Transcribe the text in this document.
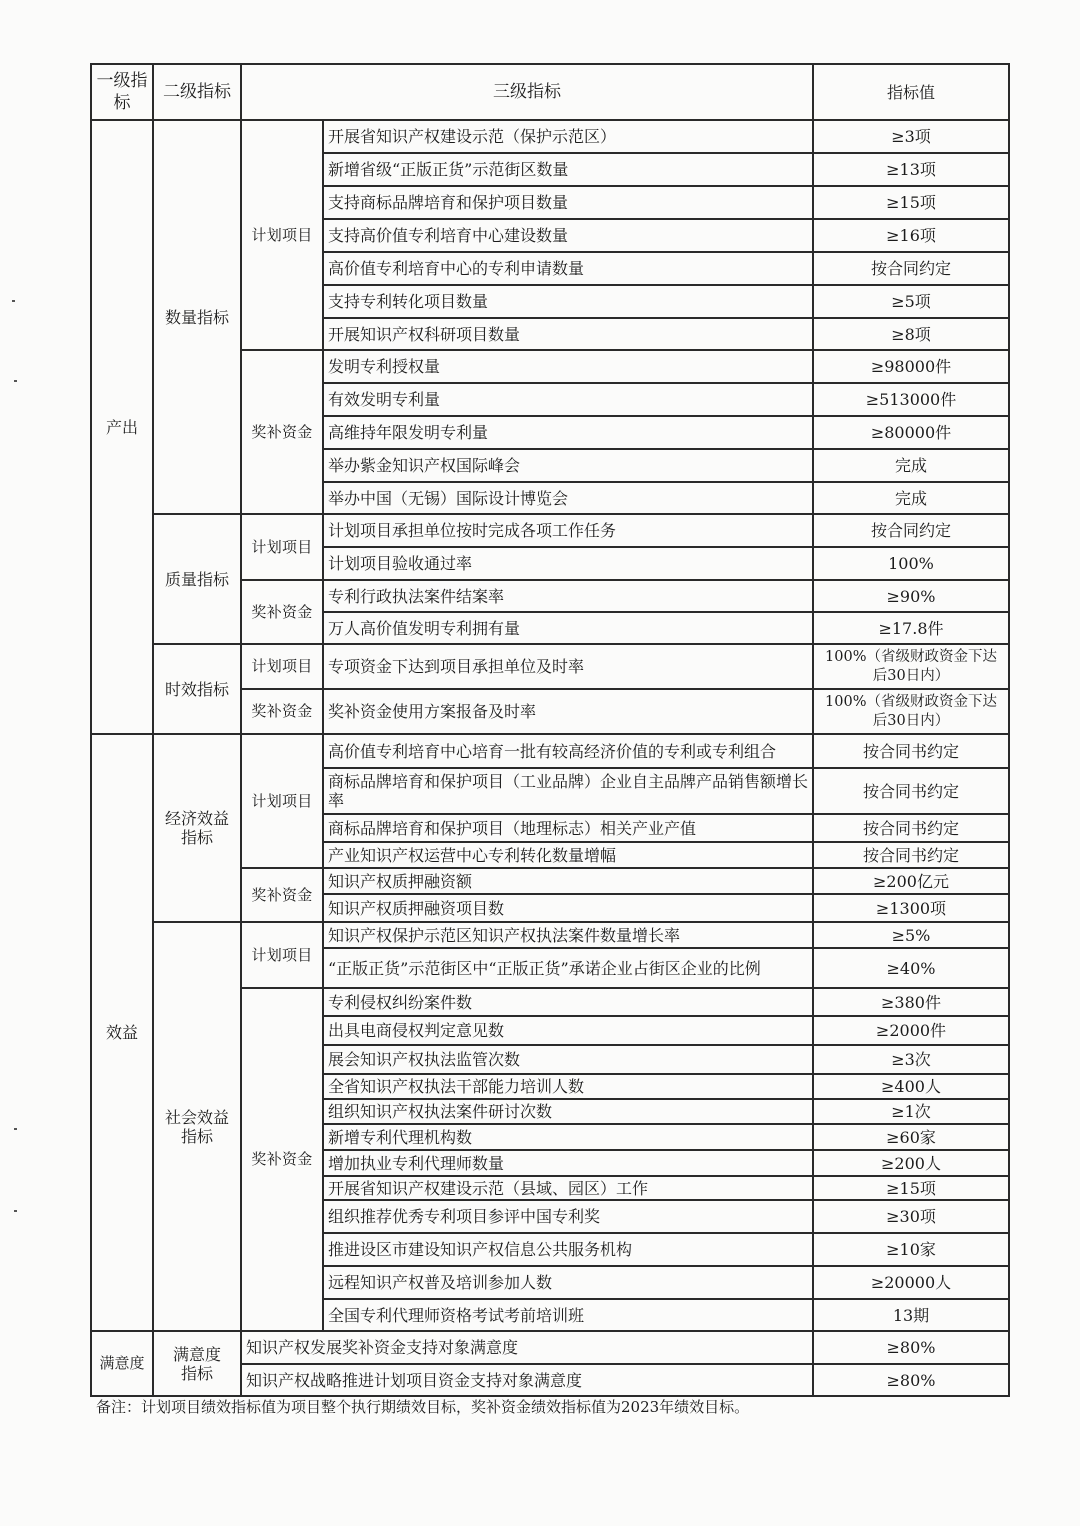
一级指标	二级指标	三级指标		指标值
产出	数量指标	计划项目	开展省知识产权建设示范（保护示范区）	≥3项
			新增省级“正版正货”示范街区数量	≥13项
			支持商标品牌培育和保护项目数量	≥15项
			支持高价值专利培育中心建设数量	≥16项
			高价值专利培育中心的专利申请数量	按合同约定
			支持专利转化项目数量	≥5项
			开展知识产权科研项目数量	≥8项
		奖补资金	发明专利授权量	≥98000件
			有效发明专利量	≥513000件
			高维持年限发明专利量	≥80000件
			举办紫金知识产权国际峰会	完成
			举办中国（无锡）国际设计博览会	完成
	质量指标	计划项目	计划项目承担单位按时完成各项工作任务	按合同约定
			计划项目验收通过率	100%
		奖补资金	专利行政执法案件结案率	≥90%
			万人高价值发明专利拥有量	≥17.8件
	时效指标	计划项目	专项资金下达到项目承担单位及时率	100%（省级财政资金下达后30日内）
		奖补资金	奖补资金使用方案报备及时率	100%（省级财政资金下达后30日内）
效益	经济效益指标	计划项目	高价值专利培育中心培育一批有较高经济价值的专利或专利组合	按合同书约定
			商标品牌培育和保护项目（工业品牌）企业自主品牌产品销售额增长率	按合同书约定
			商标品牌培育和保护项目（地理标志）相关产业产值	按合同书约定
			产业知识产权运营中心专利转化数量增幅	按合同书约定
		奖补资金	知识产权质押融资额	≥200亿元
			知识产权质押融资项目数	≥1300项
	社会效益指标	计划项目	知识产权保护示范区知识产权执法案件数量增长率	≥5%
			“正版正货”示范街区中“正版正货”承诺企业占街区企业的比例	≥40%
		奖补资金	专利侵权纠纷案件数	≥380件
			出具电商侵权判定意见数	≥2000件
			展会知识产权执法监管次数	≥3次
			全省知识产权执法干部能力培训人数	≥400人
			组织知识产权执法案件研讨次数	≥1次
			新增专利代理机构数	≥60家
			增加执业专利代理师数量	≥200人
			开展省知识产权建设示范（县域、园区）工作	≥15项
			组织推荐优秀专利项目参评中国专利奖	≥30项
			推进设区市建设知识产权信息公共服务机构	≥10家
			远程知识产权普及培训参加人数	≥20000人
			全国专利代理师资格考试考前培训班	13期
满意度	满意度指标	知识产权发展奖补资金支持对象满意度		≥80%
		知识产权战略推进计划项目资金支持对象满意度		≥80%
备注：计划项目绩效指标值为项目整个执行期绩效目标，奖补资金绩效指标值为2023年绩效目标。
